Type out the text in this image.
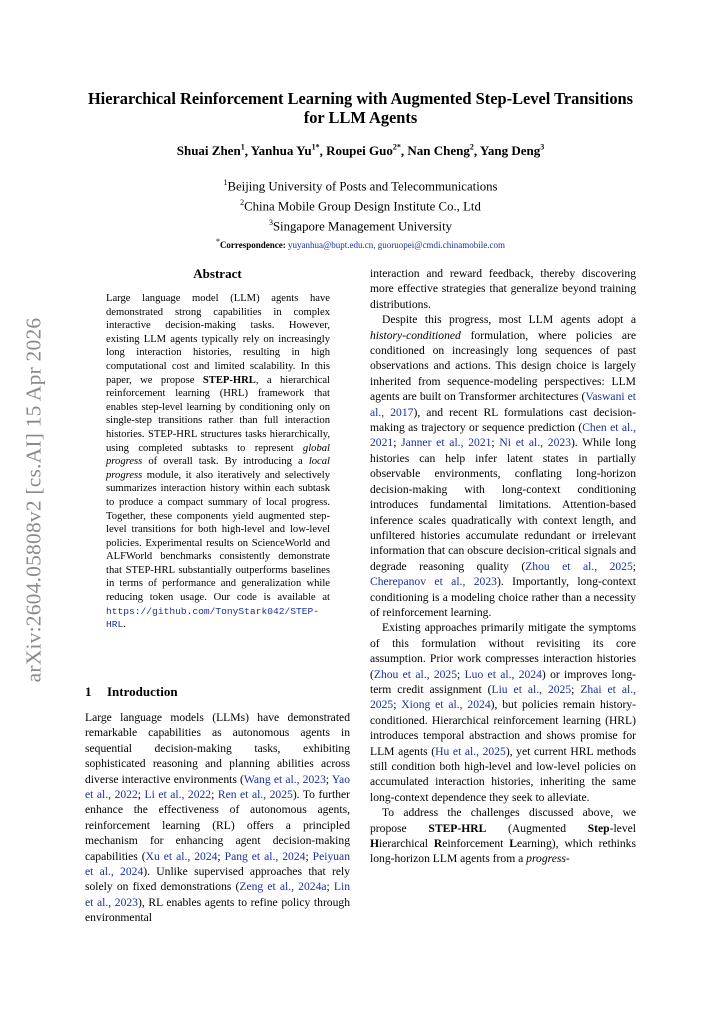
arXiv:2604.05808v2 [cs.AI] 15 Apr 2026
Hierarchical Reinforcement Learning with Augmented Step-Level Transitions for LLM Agents
Shuai Zhen$^1$, Yanhua $Yu^{1*}$, Roupei Guo$^{2*}$, Nan Cheng$^2$, Yang Deng$^3$
$^1$Beijing University of Posts and Telecommunications
$^2$China Mobile Group Design Institute Co., Ltd
$^3$Singapore Management University
*Correspondence: yuyanhua@bupt.edu.cn, guoruopei@cmdi.chinamobile.com
Abstract

Large language model (LLM) agents have demonstrated strong capabilities in complex interactive decision-making tasks. However, existing LLM agents typically rely on increasingly long interaction histories, resulting in high computational cost and limited scalability. In this paper, we propose STEP-HRL, a hierarchical reinforcement learning (HRL) framework that enables step-level learning by conditioning only on single-step transitions rather than full interaction histories. STEP-HRL structures tasks hierarchically, using completed subtasks to represent global progress of overall task. By introducing a local progress module, it also iteratively and selectively summarizes interaction history within each subtask to produce a compact summary of local progress. Together, these components yield augmented step-level transitions for both high-level and low-level policies. Experimental results on ScienceWorld and ALFWorld benchmarks consistently demonstrate that STEP-HRL substantially outperforms baselines in terms of performance and generalization while reducing token usage. Our code is available at https://github.com/TonyStark042/STEP-HRL.

1 Introduction

Large language models (LLMs) have demonstrated remarkable capabilities as autonomous agents in sequential decision-making tasks, exhibiting sophisticated reasoning and planning abilities across diverse interactive environments (Wang et al., 2023; Yao et al., 2022; Li et al., 2022; Ren et al., 2025). To further enhance the effectiveness of autonomous agents, reinforcement learning (RL) offers a principled mechanism for enhancing agent decision-making capabilities (Xu et al., 2024; Pang et al., 2024; Peiyuan et al., 2024). Unlike supervised approaches that rely solely on fixed demonstrations (Zeng et al., 2024a; Lin et al., 2023), RL enables agents to refine policy through environmental

interaction and reward feedback, thereby discovering more effective strategies that generalize beyond training distributions.

Despite this progress, most LLM agents adopt a history-conditioned formulation, where policies are conditioned on increasingly long sequences of past observations and actions. This design choice is largely inherited from sequence-modeling perspectives: LLM agents are built on Transformer architectures (Vaswani et al., 2017), and recent RL formulations cast decision-making as trajectory or sequence prediction (Chen et al., 2021; Janner et al., 2021; Ni et al., 2023). While long histories can help infer latent states in partially observable environments, conflating long-horizon decision-making with long-context conditioning introduces fundamental limitations. Attention-based inference scales quadratically with context length, and unfiltered histories accumulate redundant or irrelevant information that can obscure decision-critical signals and degrade reasoning quality (Zhou et al., 2025; Cherepanov et al., 2023). Importantly, long-context conditioning is a modeling choice rather than a necessity of reinforcement learning.

Existing approaches primarily mitigate the symptoms of this formulation without revisiting its core assumption. Prior work compresses interaction histories (Zhou et al., 2025; Luo et al., 2024) or improves long-term credit assignment (Liu et al., 2025; Zhai et al., 2025; Xiong et al., 2024), but policies remain history-conditioned. Hierarchical reinforcement learning (HRL) introduces temporal abstraction and shows promise for LLM agents (Hu et al., 2025), yet current HRL methods still condition both high-level and low-level policies on accumulated interaction histories, inheriting the same long-context dependence they seek to alleviate.

To address the challenges discussed above, we propose STEP-HRL (Augmented Step-level Hierarchical Reinforcement Learning), which rethinks long-horizon LLM agents from a progress-
